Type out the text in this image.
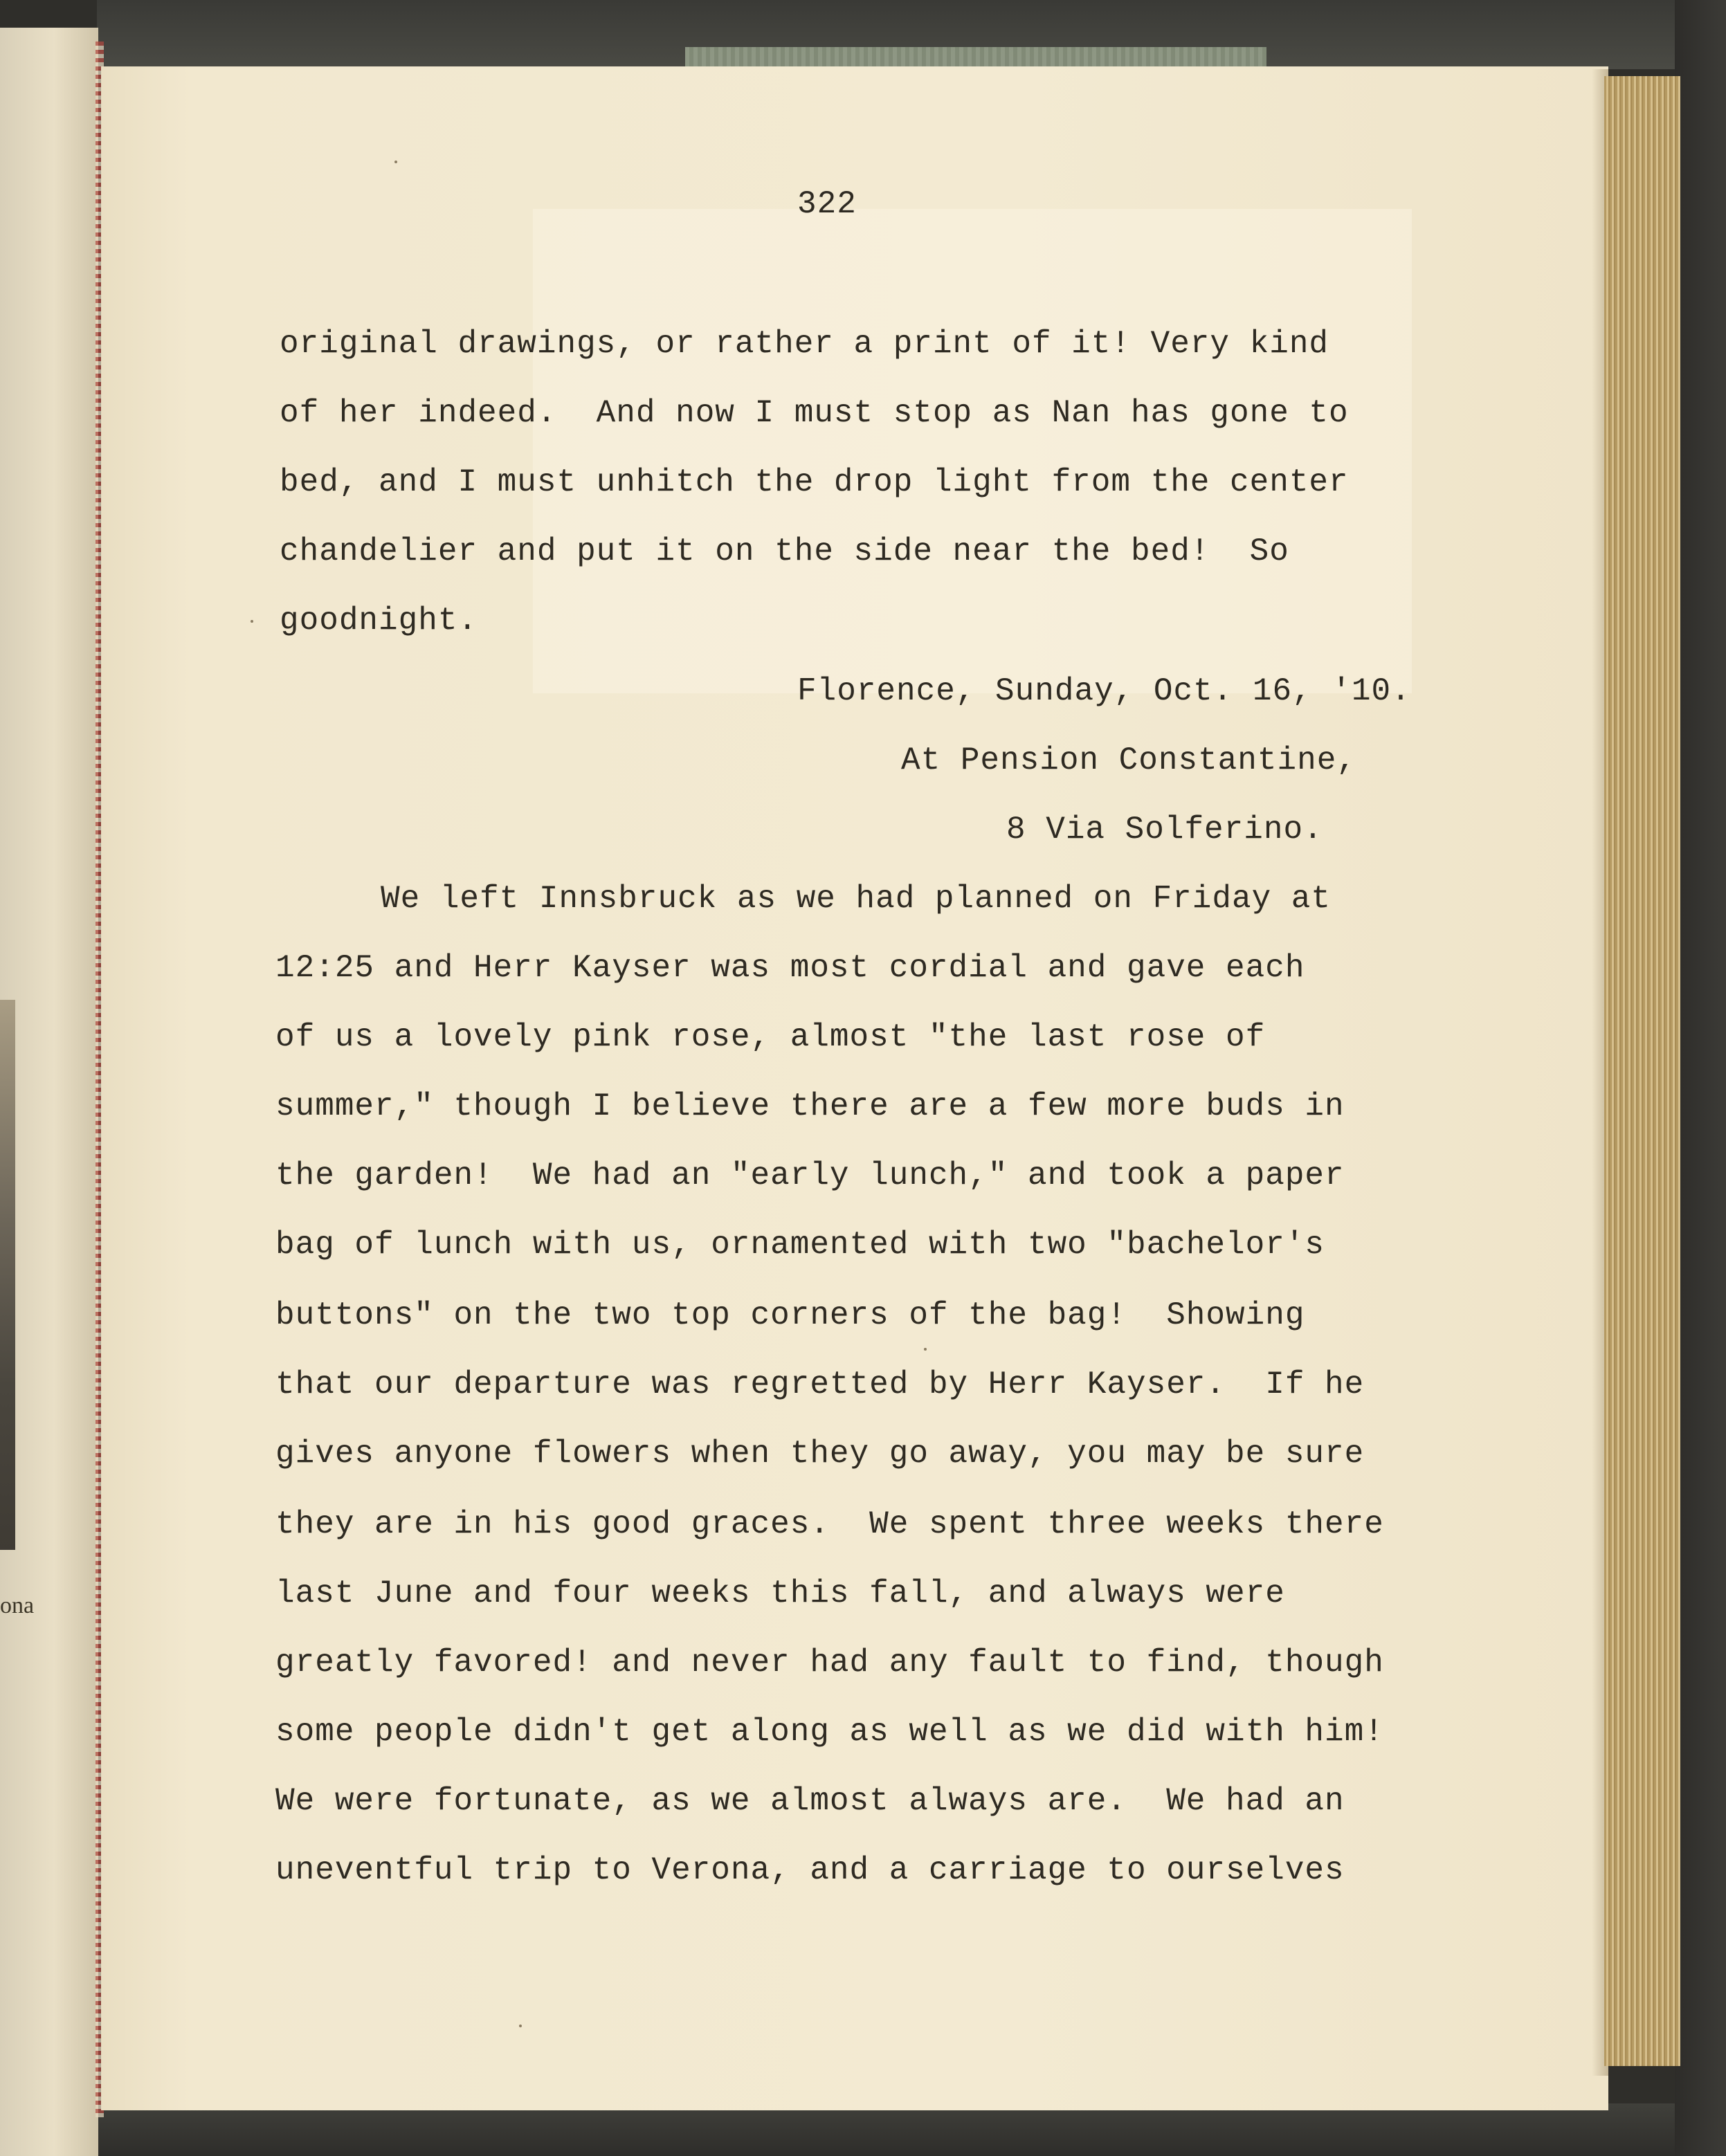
ona
322
original drawings, or rather a print of it! Very kind
of her indeed.  And now I must stop as Nan has gone to
bed, and I must unhitch the drop light from the center
chandelier and put it on the side near the bed!  So
goodnight.
Florence, Sunday, Oct. 16, '10.
At Pension Constantine,
8 Via Solferino.
We left Innsbruck as we had planned on Friday at
12:25 and Herr Kayser was most cordial and gave each
of us a lovely pink rose, almost "the last rose of
summer," though I believe there are a few more buds in
the garden!  We had an "early lunch," and took a paper
bag of lunch with us, ornamented with two "bachelor's
buttons" on the two top corners of the bag!  Showing
that our departure was regretted by Herr Kayser.  If he
gives anyone flowers when they go away, you may be sure
they are in his good graces.  We spent three weeks there
last June and four weeks this fall, and always were
greatly favored! and never had any fault to find, though
some people didn't get along as well as we did with him!
We were fortunate, as we almost always are.  We had an
uneventful trip to Verona, and a carriage to ourselves
